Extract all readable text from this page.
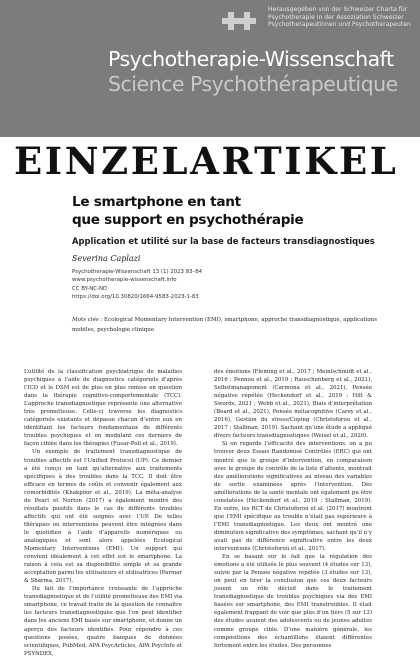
Herausgegeben von der Schweizer Charta für Psychotherapie in der Assoziation Schweizer Psychotherapeutinnen und Psychotherapeuten
Psychotherapie-Wissenschaft
Science Psychothérapeutique
EINZELARTIKEL
Le smartphone en tant
que support en psychothérapie
Application et utilité sur la base de facteurs transdiagnostiques
Severina Caplazi
Psychotherapie-Wissenschaft 13 (1) 2023 83–84
www.psychotherapie-wissenschaft.info
CC BY-NC-ND
https://doi.org/10.30820/1664-9583-2023-1-83
Mots clés : Ecological Momentary Intervention (EMI), smartphone, approche transdiagnostique, applications mobiles, psychologie clinique

L’utilité de la classification psychiatrique de maladies psychiques à l’aide de diagnostics catégoriels d’après l’ICD et le DSM est de plus en plus remise en question dans la thérapie cognitivo-comportementale (TCC). L’approche transdiagnostique représente une alternative très prometteuse. Celle-ci traverse les diagnostics catégoriels existants et dépasse chacun d’entre eux en identifiant les facteurs fondamentaux de différents troubles psychiques et en modulant ces derniers de façon ciblée dans les thérapies (Fusar-Poli et al., 2019).

Un exemple de traitement transdiagnostique de troubles affectifs est l’Unified Protocol (UP). Ce dernier a été conçu en tant qu’alternative aux traitements spécifiques à des troubles dans la TCC. Il doit être efficace en termes de coûts et convenir également aux comorbidités (Khakpoor et al., 2019). La méta-analyse de Pearl et Norton (2017) a également montré des résultats positifs dans le cas de différents troubles affectifs qui ont été soignés avec l’UP. De telles thérapies ou interventions peuvent être intégrées dans le quotidien à l’aide d’appareils numériques ou analogiques et sont alors appelées Ecological Momentary Interventions (EMI). Un support qui convient idéalement à cet effet est le smartphone. La raison à cela est sa disponibilité simple et sa grande acceptation parmi les utilisateurs et utilisatrices (Parmar & Sharma, 2017).

Du fait de l’importance croissante de l’approche transdiagnostique et de l’utilité prometteuse des EMI via smartphone, ce travail traite de la question de connaître les facteurs transdiagnostiques que l’on peut identifier dans les anciens EMI basés sur smartphone, et donne un aperçu des facteurs identifiés. Pour répondre à ces questions posées, quatre banques de données scientifiques, PubMed, APA PsycArticles, APA PsycInfo et PSYNDEX,

des émotions (Fleming et al., 2017 ; Meinlschmidt et al., 2016 ; Pennou et al., 2019 ; Rauschenberg et al., 2021), Selbstmanagement (Carmona et al., 2021), Pensée négative répétée (Heckendorf et al., 2019 ; Hilt & Swords, 2021 ; Webb et al., 2021), Biais d’interprétation (Beard et al., 2021), Pensée métacognitive (Carey et al., 2016), Gestion du stress/Coping (Christoforou et al., 2017 ; Stallman, 2019). Sachant qu’une étude a appliqué divers facteurs transdiagnostiques (Weisel et al., 2020).

Si on regarde l’efficacité des interventions, on a pu trouver deux Essais Randomisé Contrôlés (ERC) qui ont montré que le groupe d’intervention, en comparaison avec le groupe de contrôle de la liste d’attente, montrait des améliorations significatives au niveau des variables de sortie examinées après l’intervention. Des améliorations de la santé mentale ont également pu être constatées (Heckendorf et al., 2019 ; Stallman, 2019). En outre, les RCT de Christoforou et al. (2017) montrent que l’EMI spécifique au trouble n’était pas supérieure à l’EMI transdiagnostique. Les deux ont montré une diminution significative des symptômes, sachant qu’il n’y avait pas de différence significative entre les deux interventions (Christoforou et al., 2017).

En se basant sur le fait que la régulation des émotions a été utilisée le plus souvent (4 études sur 13), suivie par la Pensée négative répétée (3 études sur 13), on peut en tirer la conclusion que ces deux facteurs jouent un rôle décisif dans le traitement transdiagnostique de troubles psychiques via des EMI basées sur smartphone, des EMI transtroubles. Il était également frappant de voir que plus d’un tiers (5 sur 13) des études avaient des adolescents ou de jeunes adultes comme groupe cible. D’une manière générale, les compositions des échantillons étaient différentes fortement entre les études. Des personnes
